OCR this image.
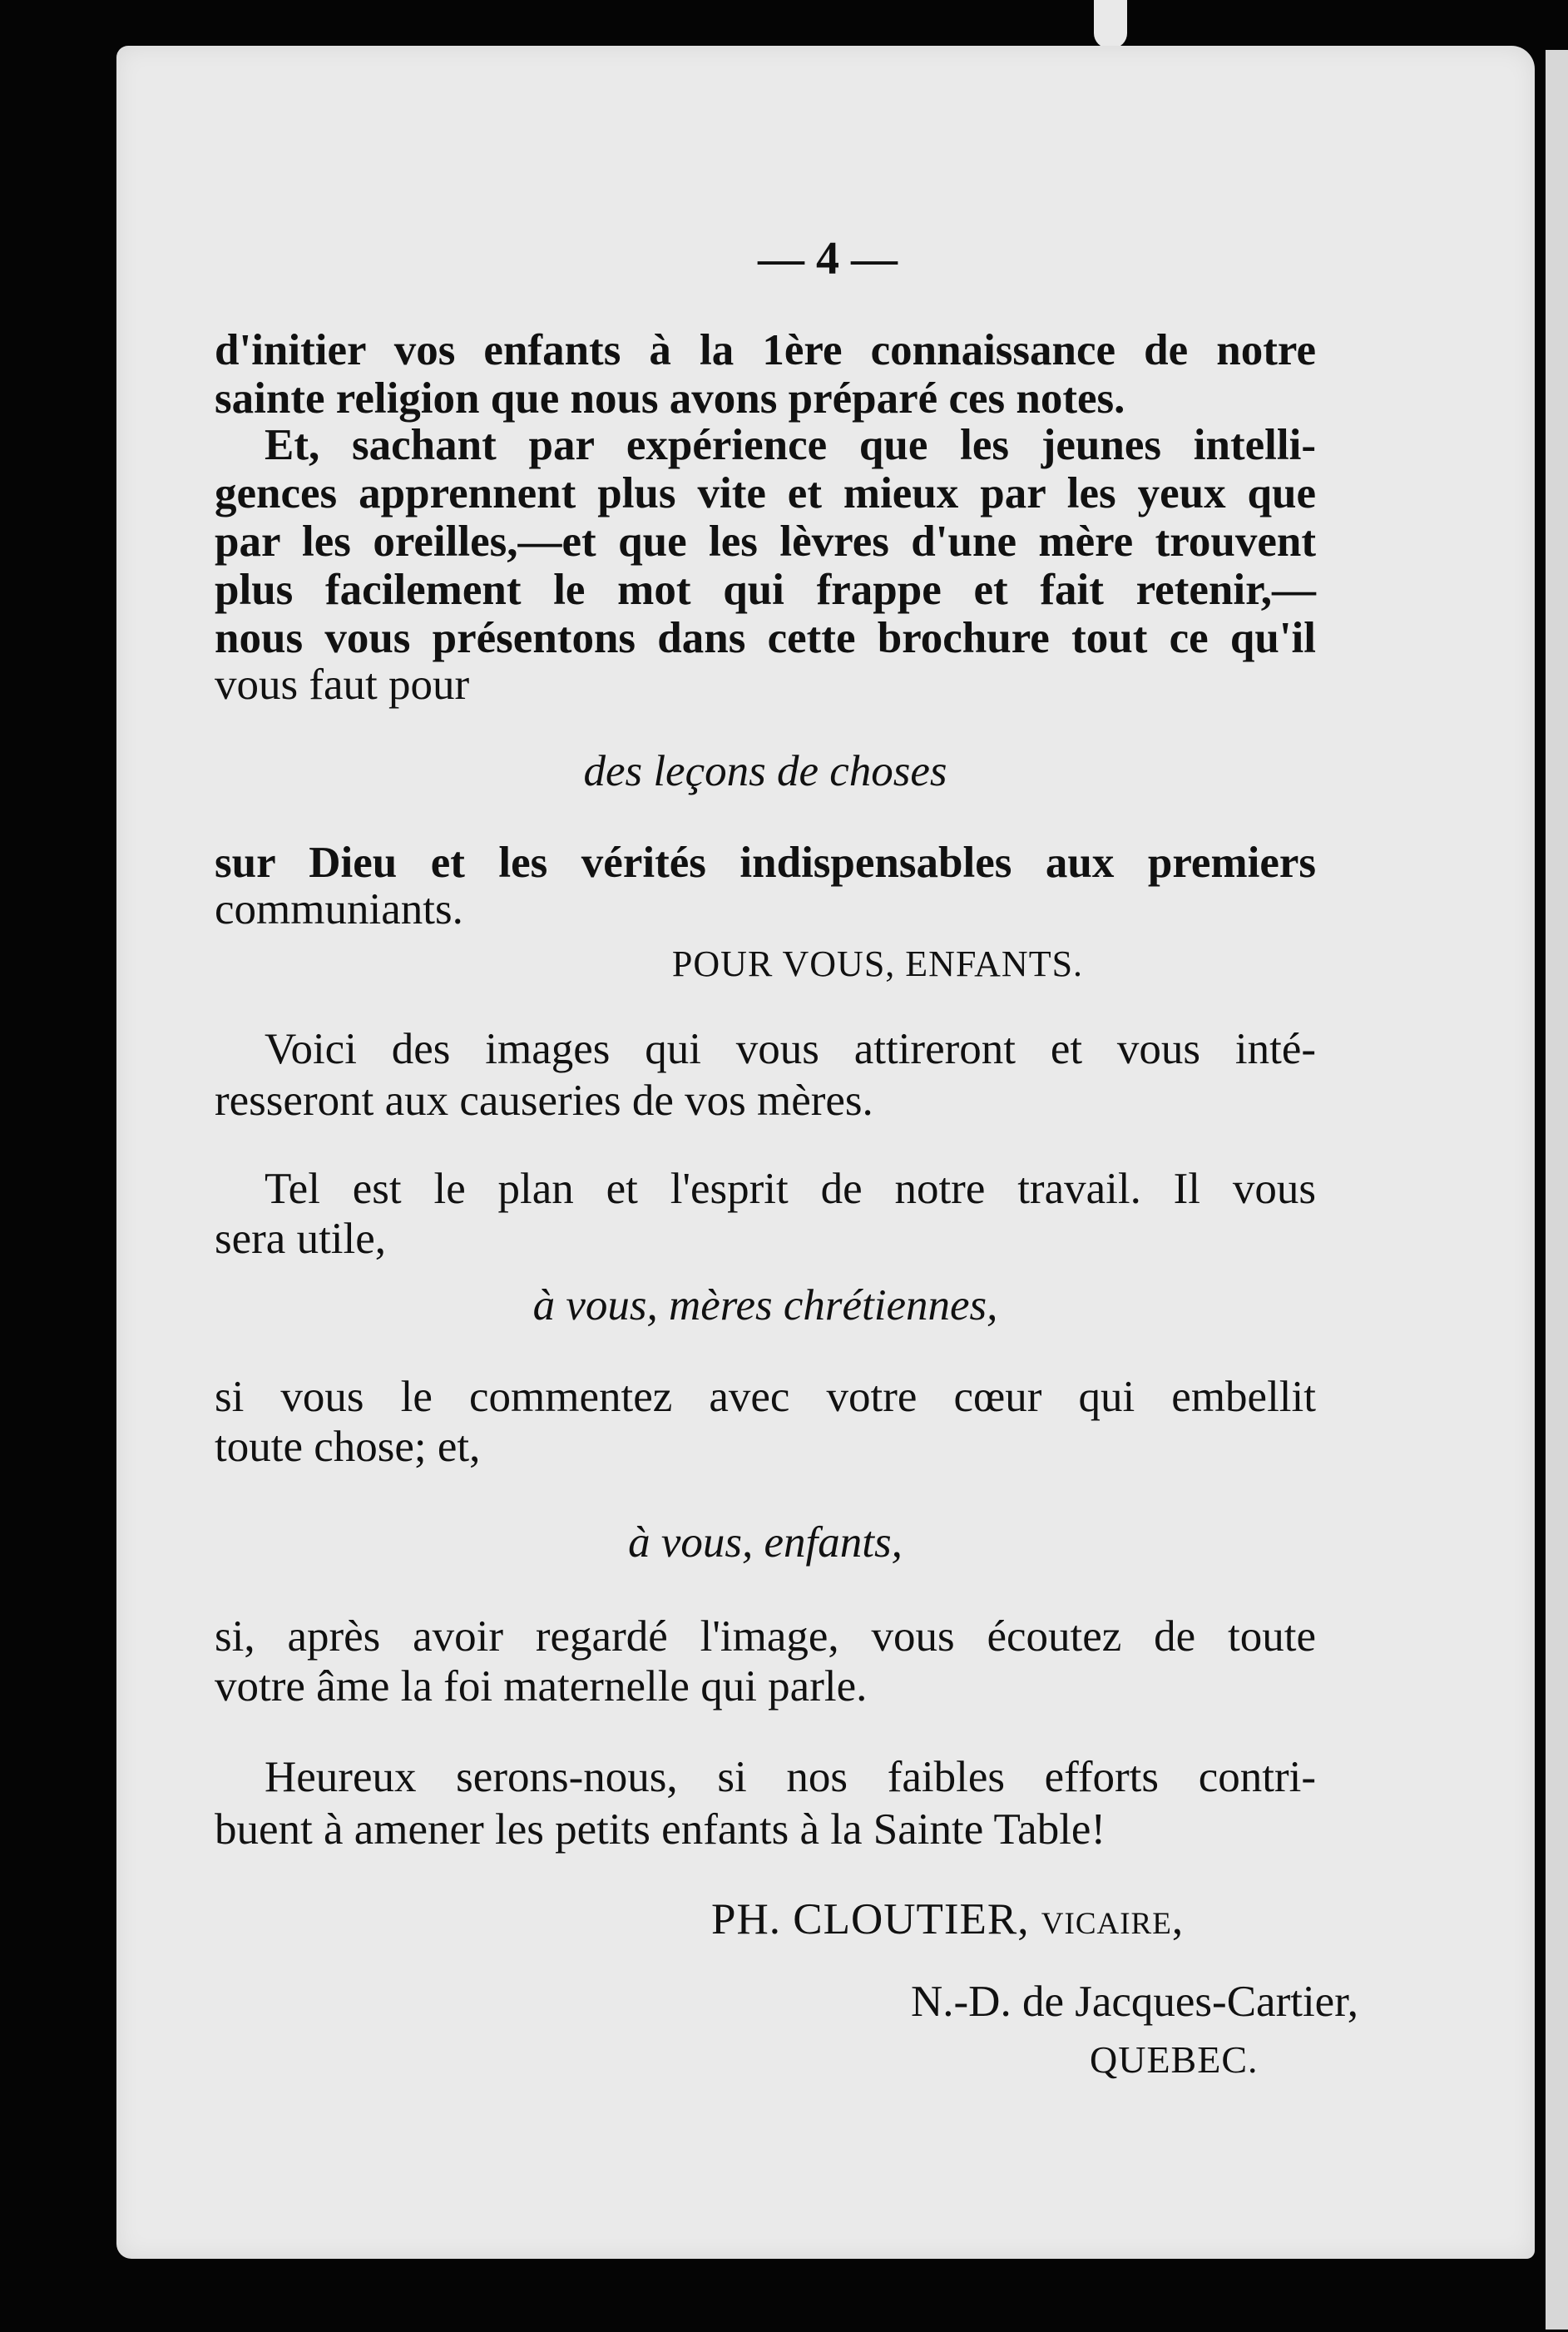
— 4 —

d'initier vos enfants à la 1ère connaissance de notre

sainte religion que nous avons préparé ces notes.

Et, sachant par expérience que les jeunes intelli-

gences apprennent plus vite et mieux par les yeux que

par les oreilles,—et que les lèvres d'une mère trouvent

plus facilement le mot qui frappe et fait retenir,—

nous vous présentons dans cette brochure tout ce qu'il

vous faut pour

des leçons de choses

sur Dieu et les vérités indispensables aux premiers

communiants.

POUR VOUS, ENFANTS.

Voici des images qui vous attireront et vous inté-

resseront aux causeries de vos mères.

Tel est le plan et l'esprit de notre travail. Il vous

sera utile,

à vous, mères chrétiennes,

si vous le commentez avec votre cœur qui embellit

toute chose; et,

à vous, enfants,

si, après avoir regardé l'image, vous écoutez de toute

votre âme la foi maternelle qui parle.

Heureux serons-nous, si nos faibles efforts contri-

buent à amener les petits enfants à la Sainte Table!

PH. CLOUTIER, vicaire,

N.-D. de Jacques-Cartier,

QUEBEC.
